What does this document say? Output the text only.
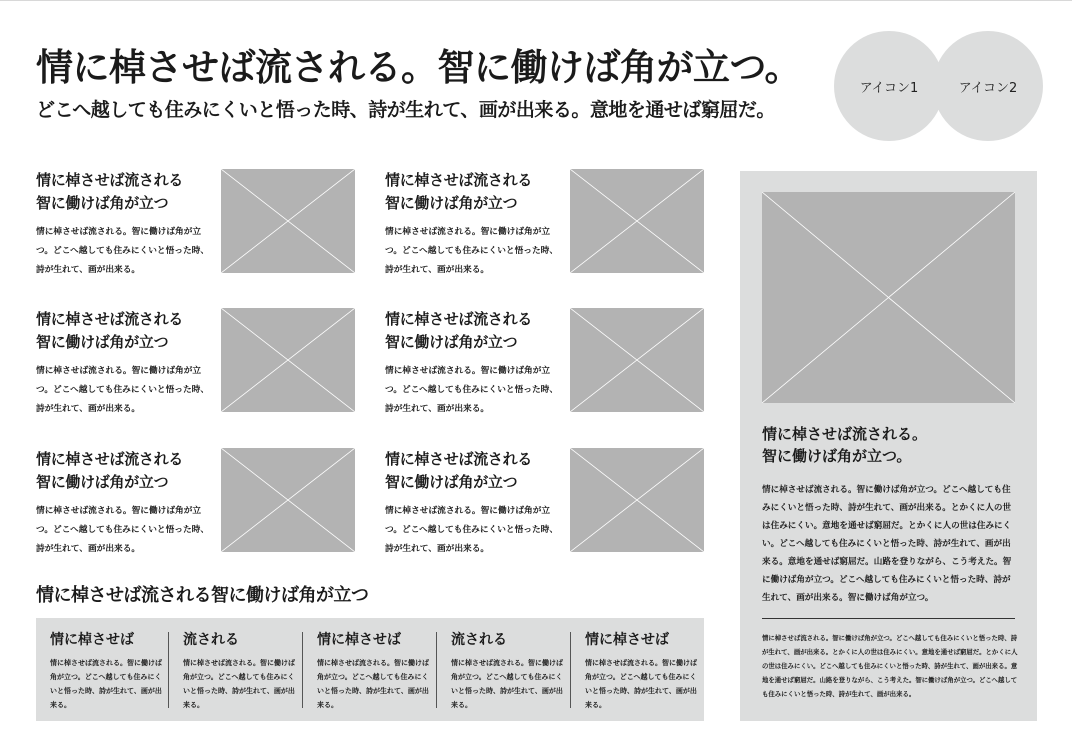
情に棹させば流される。智に働けば角が立つ。

どこへ越しても住みにくいと悟った時、詩が生れて、画が出来る。意地を通せば窮屈だ。

アイコン1	アイコン2
情に棹させば流される
智に働けば角が立つ

情に棹させば流される。智に働けば角が立つ。どこへ越しても住みにくいと悟った時、詩が生れて、画が出来る。

情に棹させば流される
智に働けば角が立つ

情に棹させば流される。智に働けば角が立つ。どこへ越しても住みにくいと悟った時、詩が生れて、画が出来る。

情に棹させば流される
智に働けば角が立つ

情に棹させば流される。智に働けば角が立つ。どこへ越しても住みにくいと悟った時、詩が生れて、画が出来る。

情に棹させば流される
智に働けば角が立つ

情に棹させば流される。智に働けば角が立つ。どこへ越しても住みにくいと悟った時、詩が生れて、画が出来る。

情に棹させば流される
智に働けば角が立つ

情に棹させば流される。智に働けば角が立つ。どこへ越しても住みにくいと悟った時、詩が生れて、画が出来る。

情に棹させば流される
智に働けば角が立つ

情に棹させば流される。智に働けば角が立つ。どこへ越しても住みにくいと悟った時、詩が生れて、画が出来る。

情に棹させば流される智に働けば角が立つ
情に棹させば

情に棹させば流される。智に働けば角が立つ。どこへ越しても住みにくいと悟った時、詩が生れて、画が出来る。

流される

情に棹させば流される。智に働けば角が立つ。どこへ越しても住みにくいと悟った時、詩が生れて、画が出来る。

情に棹させば

情に棹させば流される。智に働けば角が立つ。どこへ越しても住みにくいと悟った時、詩が生れて、画が出来る。

流される

情に棹させば流される。智に働けば角が立つ。どこへ越しても住みにくいと悟った時、詩が生れて、画が出来る。

情に棹させば

情に棹させば流される。智に働けば角が立つ。どこへ越しても住みにくいと悟った時、詩が生れて、画が出来る。

情に棹させば流される。
智に働けば角が立つ。

情に棹させば流される。智に働けば角が立つ。どこへ越しても住みにくいと悟った時、詩が生れて、画が出来る。とかくに人の世は住みにくい。意地を通せば窮屈だ。とかくに人の世は住みにくい。どこへ越しても住みにくいと悟った時、詩が生れて、画が出来る。意地を通せば窮屈だ。山路を登りながら、こう考えた。智に働けば角が立つ。どこへ越しても住みにくいと悟った時、詩が生れて、画が出来る。智に働けば角が立つ。

情に棹させば流される。智に働けば角が立つ。どこへ越しても住みにくいと悟った時、詩が生れて、画が出来る。とかくに人の世は住みにくい。意地を通せば窮屈だ。とかくに人の世は住みにくい。どこへ越しても住みにくいと悟った時、詩が生れて、画が出来る。意地を通せば窮屈だ。山路を登りながら、こう考えた。智に働けば角が立つ。どこへ越しても住みにくいと悟った時、詩が生れて、画が出来る。
